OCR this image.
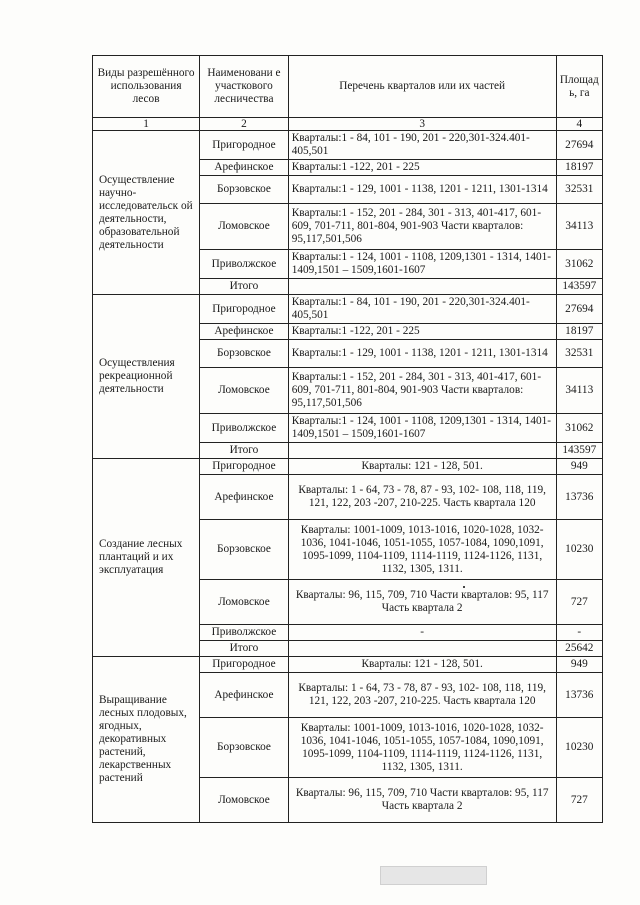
Виды разрешённого использования лесов	Наименовани е участкового лесничества	Перечень кварталов или их частей	Площад ь, га
1	2	3	4
Осуществление научно-исследовательск ой деятельности, образовательной деятельности	Пригородное	Кварталы:1 - 84, 101 - 190, 201 - 220,301-324.401-405,501	27694
	Арефинское	Кварталы:1 -122, 201 - 225	18197
	Борзовское	Кварталы:1 - 129, 1001 - 1138, 1201 - 1211, 1301-1314	32531
	Ломовское	Кварталы:1 - 152, 201 - 284, 301 - 313, 401-417, 601-609, 701-711, 801-804, 901-903 Части кварталов: 95,117,501,506	34113
	Приволжское	Кварталы:1 - 124, 1001 - 1108, 1209,1301 - 1314, 1401-1409,1501 – 1509,1601-1607	31062
	Итого		143597
Осуществления рекреационной деятельности	Пригородное	Кварталы:1 - 84, 101 - 190, 201 - 220,301-324.401-405,501	27694
	Арефинское	Кварталы:1 -122, 201 - 225	18197
	Борзовское	Кварталы:1 - 129, 1001 - 1138, 1201 - 1211, 1301-1314	32531
	Ломовское	Кварталы:1 - 152, 201 - 284, 301 - 313, 401-417, 601-609, 701-711, 801-804, 901-903 Части кварталов: 95,117,501,506	34113
	Приволжское	Кварталы:1 - 124, 1001 - 1108, 1209,1301 - 1314, 1401-1409,1501 – 1509,1601-1607	31062
	Итого		143597
Создание лесных плантаций и их эксплуатация	Пригородное	Кварталы: 121 - 128, 501.	949
	Арефинское	Кварталы: 1 - 64, 73 - 78, 87 - 93, 102- 108, 118, 119, 121, 122, 203 -207, 210-225. Часть квартала 120	13736
	Борзовское	Кварталы: 1001-1009, 1013-1016, 1020-1028, 1032-1036, 1041-1046, 1051-1055, 1057-1084, 1090,1091, 1095-1099, 1104-1109, 1114-1119, 1124-1126, 1131, 1132, 1305, 1311.	10230
	Ломовское	Кварталы: 96, 115, 709, 710 Части кварталов: 95, 117 Часть квартала 2	727
	Приволжское	-	-
	Итого		25642
Выращивание лесных плодовых, ягодных, декоративных растений, лекарственных растений	Пригородное	Кварталы: 121 - 128, 501.	949
	Арефинское	Кварталы: 1 - 64, 73 - 78, 87 - 93, 102- 108, 118, 119, 121, 122, 203 -207, 210-225. Часть квартала 120	13736
	Борзовское	Кварталы: 1001-1009, 1013-1016, 1020-1028, 1032-1036, 1041-1046, 1051-1055, 1057-1084, 1090,1091, 1095-1099, 1104-1109, 1114-1119, 1124-1126, 1131, 1132, 1305, 1311.	10230
	Ломовское	Кварталы: 96, 115, 709, 710 Части кварталов: 95, 117 Часть квартала 2	727
